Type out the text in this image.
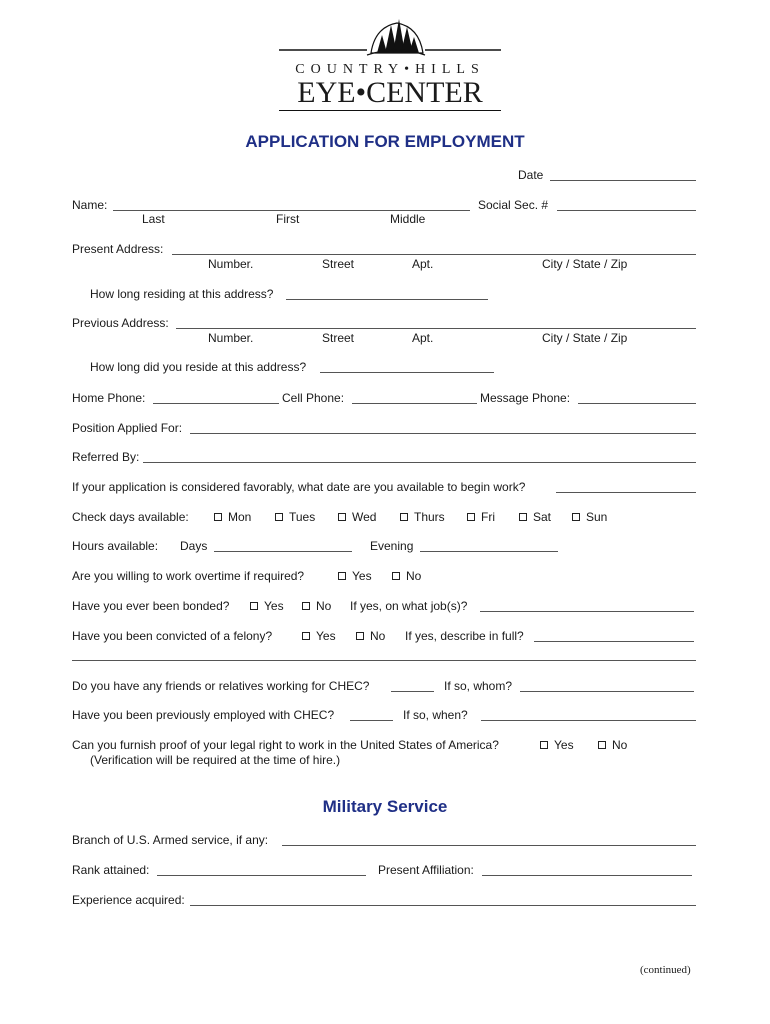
COUNTRY•HILLS
EYE•CENTER
APPLICATION FOR EMPLOYMENT
Date
Name:	Social Sec. #
Last	First	Middle
Present Address:
Number.	Street	Apt.	City / State / Zip
How long residing at this address?
Previous Address:
Number.	Street	Apt.	City / State / Zip
How long did you reside at this address?
Home Phone:	Cell Phone:	Message Phone:
Position Applied For:
Referred By:
If your application is considered favorably, what date are you available to begin work?
Check days available:	Mon	Tues	Wed	Thurs	Fri	Sat	Sun
Hours available: Days	Evening
Are you willing to work overtime if required?	Yes	No
Have you ever been bonded?	Yes	No If yes, on what job(s)?
Have you been convicted of a felony?	Yes	No If yes, describe in full?
Do you have any friends or relatives working for CHEC?	If so, whom?
Have you been previously employed with CHEC?	If so, when?
Can you furnish proof of your legal right to work in the United States of America?	Yes	No
(Verification will be required at the time of hire.)
Military Service
Branch of U.S. Armed service, if any:
Rank attained:	Present Affiliation:
Experience acquired:
(continued)
